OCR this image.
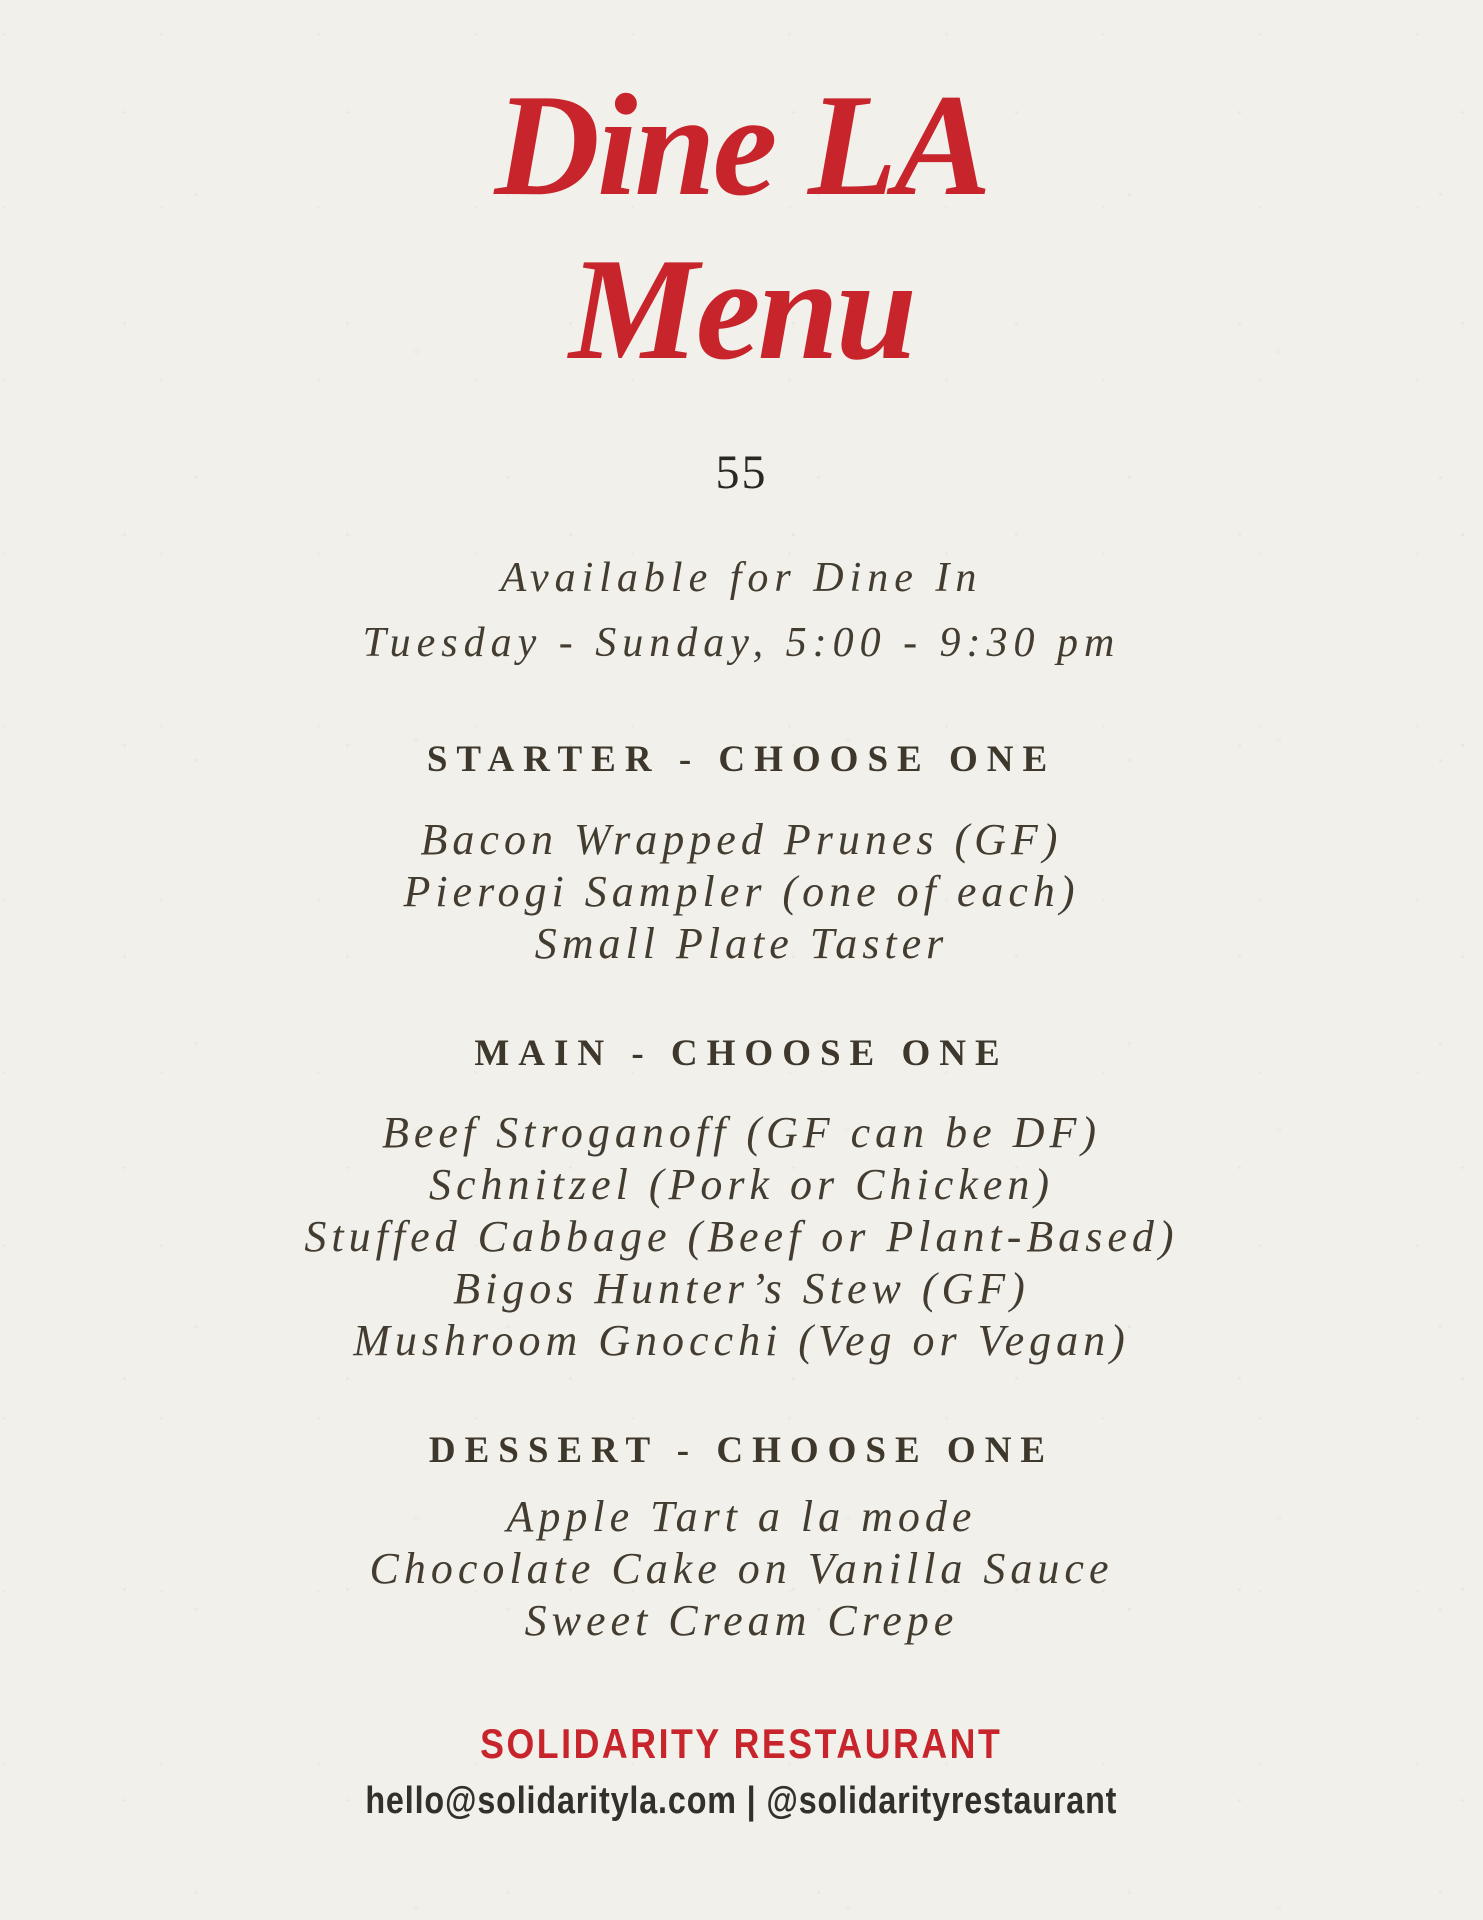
Dine LA
Menu
55
Available for Dine In
Tuesday - Sunday, 5:00 - 9:30 pm
STARTER - CHOOSE ONE
Bacon Wrapped Prunes (GF)
Pierogi Sampler (one of each)
Small Plate Taster
MAIN - CHOOSE ONE
Beef Stroganoff (GF can be DF)
Schnitzel (Pork or Chicken)
Stuffed Cabbage (Beef or Plant-Based)
Bigos Hunter’s Stew (GF)
Mushroom Gnocchi (Veg or Vegan)
DESSERT - CHOOSE ONE
Apple Tart a la mode
Chocolate Cake on Vanilla Sauce
Sweet Cream Crepe
SOLIDARITY RESTAURANT
hello@solidarityla.com | @solidarityrestaurant
